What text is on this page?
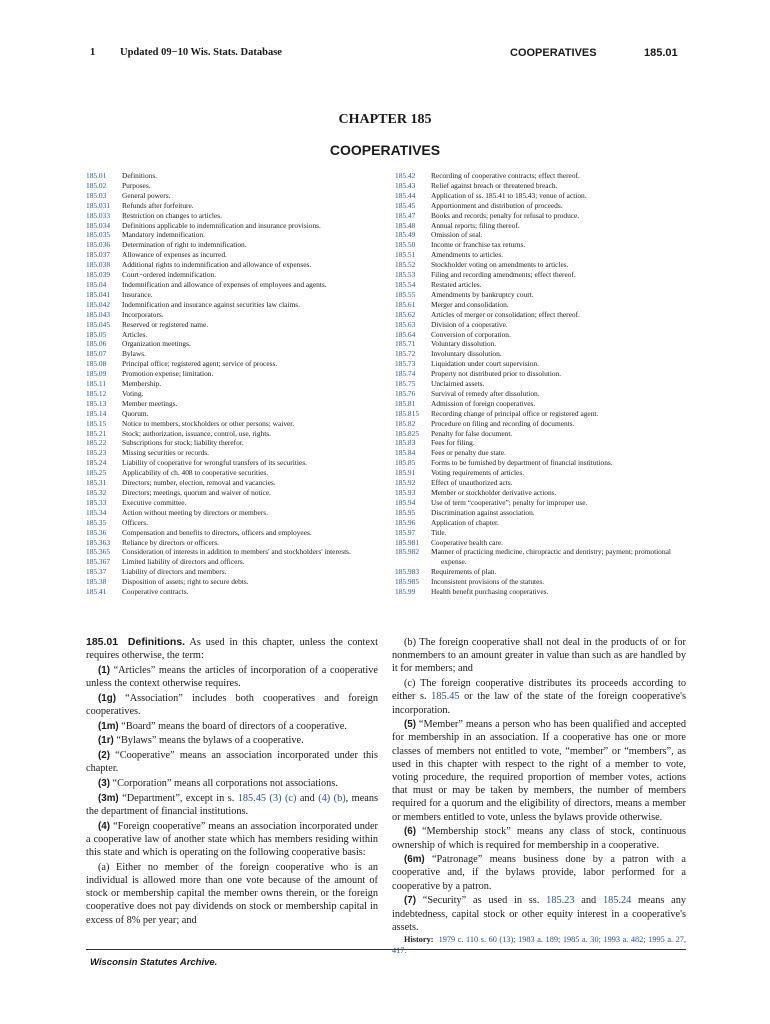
1 Updated 09−10 Wis. Stats. Database	COOPERATIVES	185.01
CHAPTER 185
COOPERATIVES
185.01	Definitions.
185.02	Purposes.
185.03	General powers.
185.031	Refunds after forfeiture.
185.033	Restriction on changes to articles.
185.034	Definitions applicable to indemnification and insurance provisions.
185.035	Mandatory indemnification.
185.036	Determination of right to indemnification.
185.037	Allowance of expenses as incurred.
185.038	Additional rights to indemnification and allowance of expenses.
185.039	Court−ordered indemnification.
185.04	Indemnification and allowance of expenses of employees and agents.
185.041	Insurance.
185.042	Indemnification and insurance against securities law claims.
185.043	Incorporators.
185.045	Reserved or registered name.
185.05	Articles.
185.06	Organization meetings.
185.07	Bylaws.
185.08	Principal office; registered agent; service of process.
185.09	Promotion expense; limitation.
185.11	Membership.
185.12	Voting.
185.13	Member meetings.
185.14	Quorum.
185.15	Notice to members, stockholders or other persons; waiver.
185.21	Stock; authorization, issuance, control, use, rights.
185.22	Subscriptions for stock; liability therefor.
185.23	Missing securities or records.
185.24	Liability of cooperative for wrongful transfers of its securities.
185.25	Applicability of ch. 408 to cooperative securities.
185.31	Directors; number, election, removal and vacancies.
185.32	Directors; meetings, quorum and waiver of notice.
185.33	Executive committee.
185.34	Action without meeting by directors or members.
185.35	Officers.
185.36	Compensation and benefits to directors, officers and employees.
185.363	Reliance by directors or officers.
185.365	Consideration of interests in addition to members' and stockholders' interests.
185.367	Limited liability of directors and officers.
185.37	Liability of directors and members.
185.38	Disposition of assets; right to secure debts.
185.41	Cooperative contracts.
185.42	Recording of cooperative contracts; effect thereof.
185.43	Relief against breach or threatened breach.
185.44	Application of ss. 185.41 to 185.43; venue of action.
185.45	Apportionment and distribution of proceeds.
185.47	Books and records; penalty for refusal to produce.
185.48	Annual reports; filing thereof.
185.49	Omission of seal.
185.50	Income or franchise tax returns.
185.51	Amendments to articles.
185.52	Stockholder voting on amendments to articles.
185.53	Filing and recording amendments; effect thereof.
185.54	Restated articles.
185.55	Amendments by bankruptcy court.
185.61	Merger and consolidation.
185.62	Articles of merger or consolidation; effect thereof.
185.63	Division of a cooperative.
185.64	Conversion of corporation.
185.71	Voluntary dissolution.
185.72	Involuntary dissolution.
185.73	Liquidation under court supervision.
185.74	Property not distributed prior to dissolution.
185.75	Unclaimed assets.
185.76	Survival of remedy after dissolution.
185.81	Admission of foreign cooperatives.
185.815	Recording change of principal office or registered agent.
185.82	Procedure on filing and recording of documents.
185.825	Penalty for false document.
185.83	Fees for filing.
185.84	Fees or penalty due state.
185.85	Forms to be furnished by department of financial institutions.
185.91	Voting requirements of articles.
185.92	Effect of unauthorized acts.
185.93	Member or stockholder derivative actions.
185.94	Use of term “cooperative”; penalty for improper use.
185.95	Discrimination against association.
185.96	Application of chapter.
185.97	Title.
185.981	Cooperative health care.
185.982	Manner of practicing medicine, chiropractic and dentistry; payment; promotional expense.
185.983	Requirements of plan.
185.985	Inconsistent provisions of the statutes.
185.99	Health benefit purchasing cooperatives.

185.01 Definitions. As used in this chapter, unless the context requires otherwise, the term:

(1) “Articles” means the articles of incorporation of a cooperative unless the context otherwise requires.

(1g) “Association” includes both cooperatives and foreign cooperatives.

(1m) “Board” means the board of directors of a cooperative.

(1r) “Bylaws” means the bylaws of a cooperative.

(2) “Cooperative” means an association incorporated under this chapter.

(3) “Corporation” means all corporations not associations.

(3m) “Department”, except in s. 185.45 (3) (c) and (4) (b), means the department of financial institutions.

(4) “Foreign cooperative” means an association incorporated under a cooperative law of another state which has members residing within this state and which is operating on the following cooperative basis:

(a) Either no member of the foreign cooperative who is an individual is allowed more than one vote because of the amount of stock or membership capital the member owns therein, or the foreign cooperative does not pay dividends on stock or membership capital in excess of 8% per year; and

(b) The foreign cooperative shall not deal in the products of or for nonmembers to an amount greater in value than such as are handled by it for members; and

(c) The foreign cooperative distributes its proceeds according to either s. 185.45 or the law of the state of the foreign cooperative's incorporation.

(5) “Member” means a person who has been qualified and accepted for membership in an association. If a cooperative has one or more classes of members not entitled to vote, “member” or “members”, as used in this chapter with respect to the right of a member to vote, voting procedure, the required proportion of member votes, actions that must or may be taken by members, the number of members required for a quorum and the eligibility of directors, means a member or members entitled to vote, unless the bylaws provide otherwise.

(6) “Membership stock” means any class of stock, continuous ownership of which is required for membership in a cooperative.

(6m) “Patronage” means business done by a patron with a cooperative and, if the bylaws provide, labor performed for a cooperative by a patron.

(7) “Security” as used in ss. 185.23 and 185.24 means any indebtedness, capital stock or other equity interest in a cooperative's assets.

History: 1979 c. 110 s. 60 (13); 1983 a. 189; 1985 a. 30; 1993 a. 482; 1995 a. 27, 417.

Wisconsin Statutes Archive.
